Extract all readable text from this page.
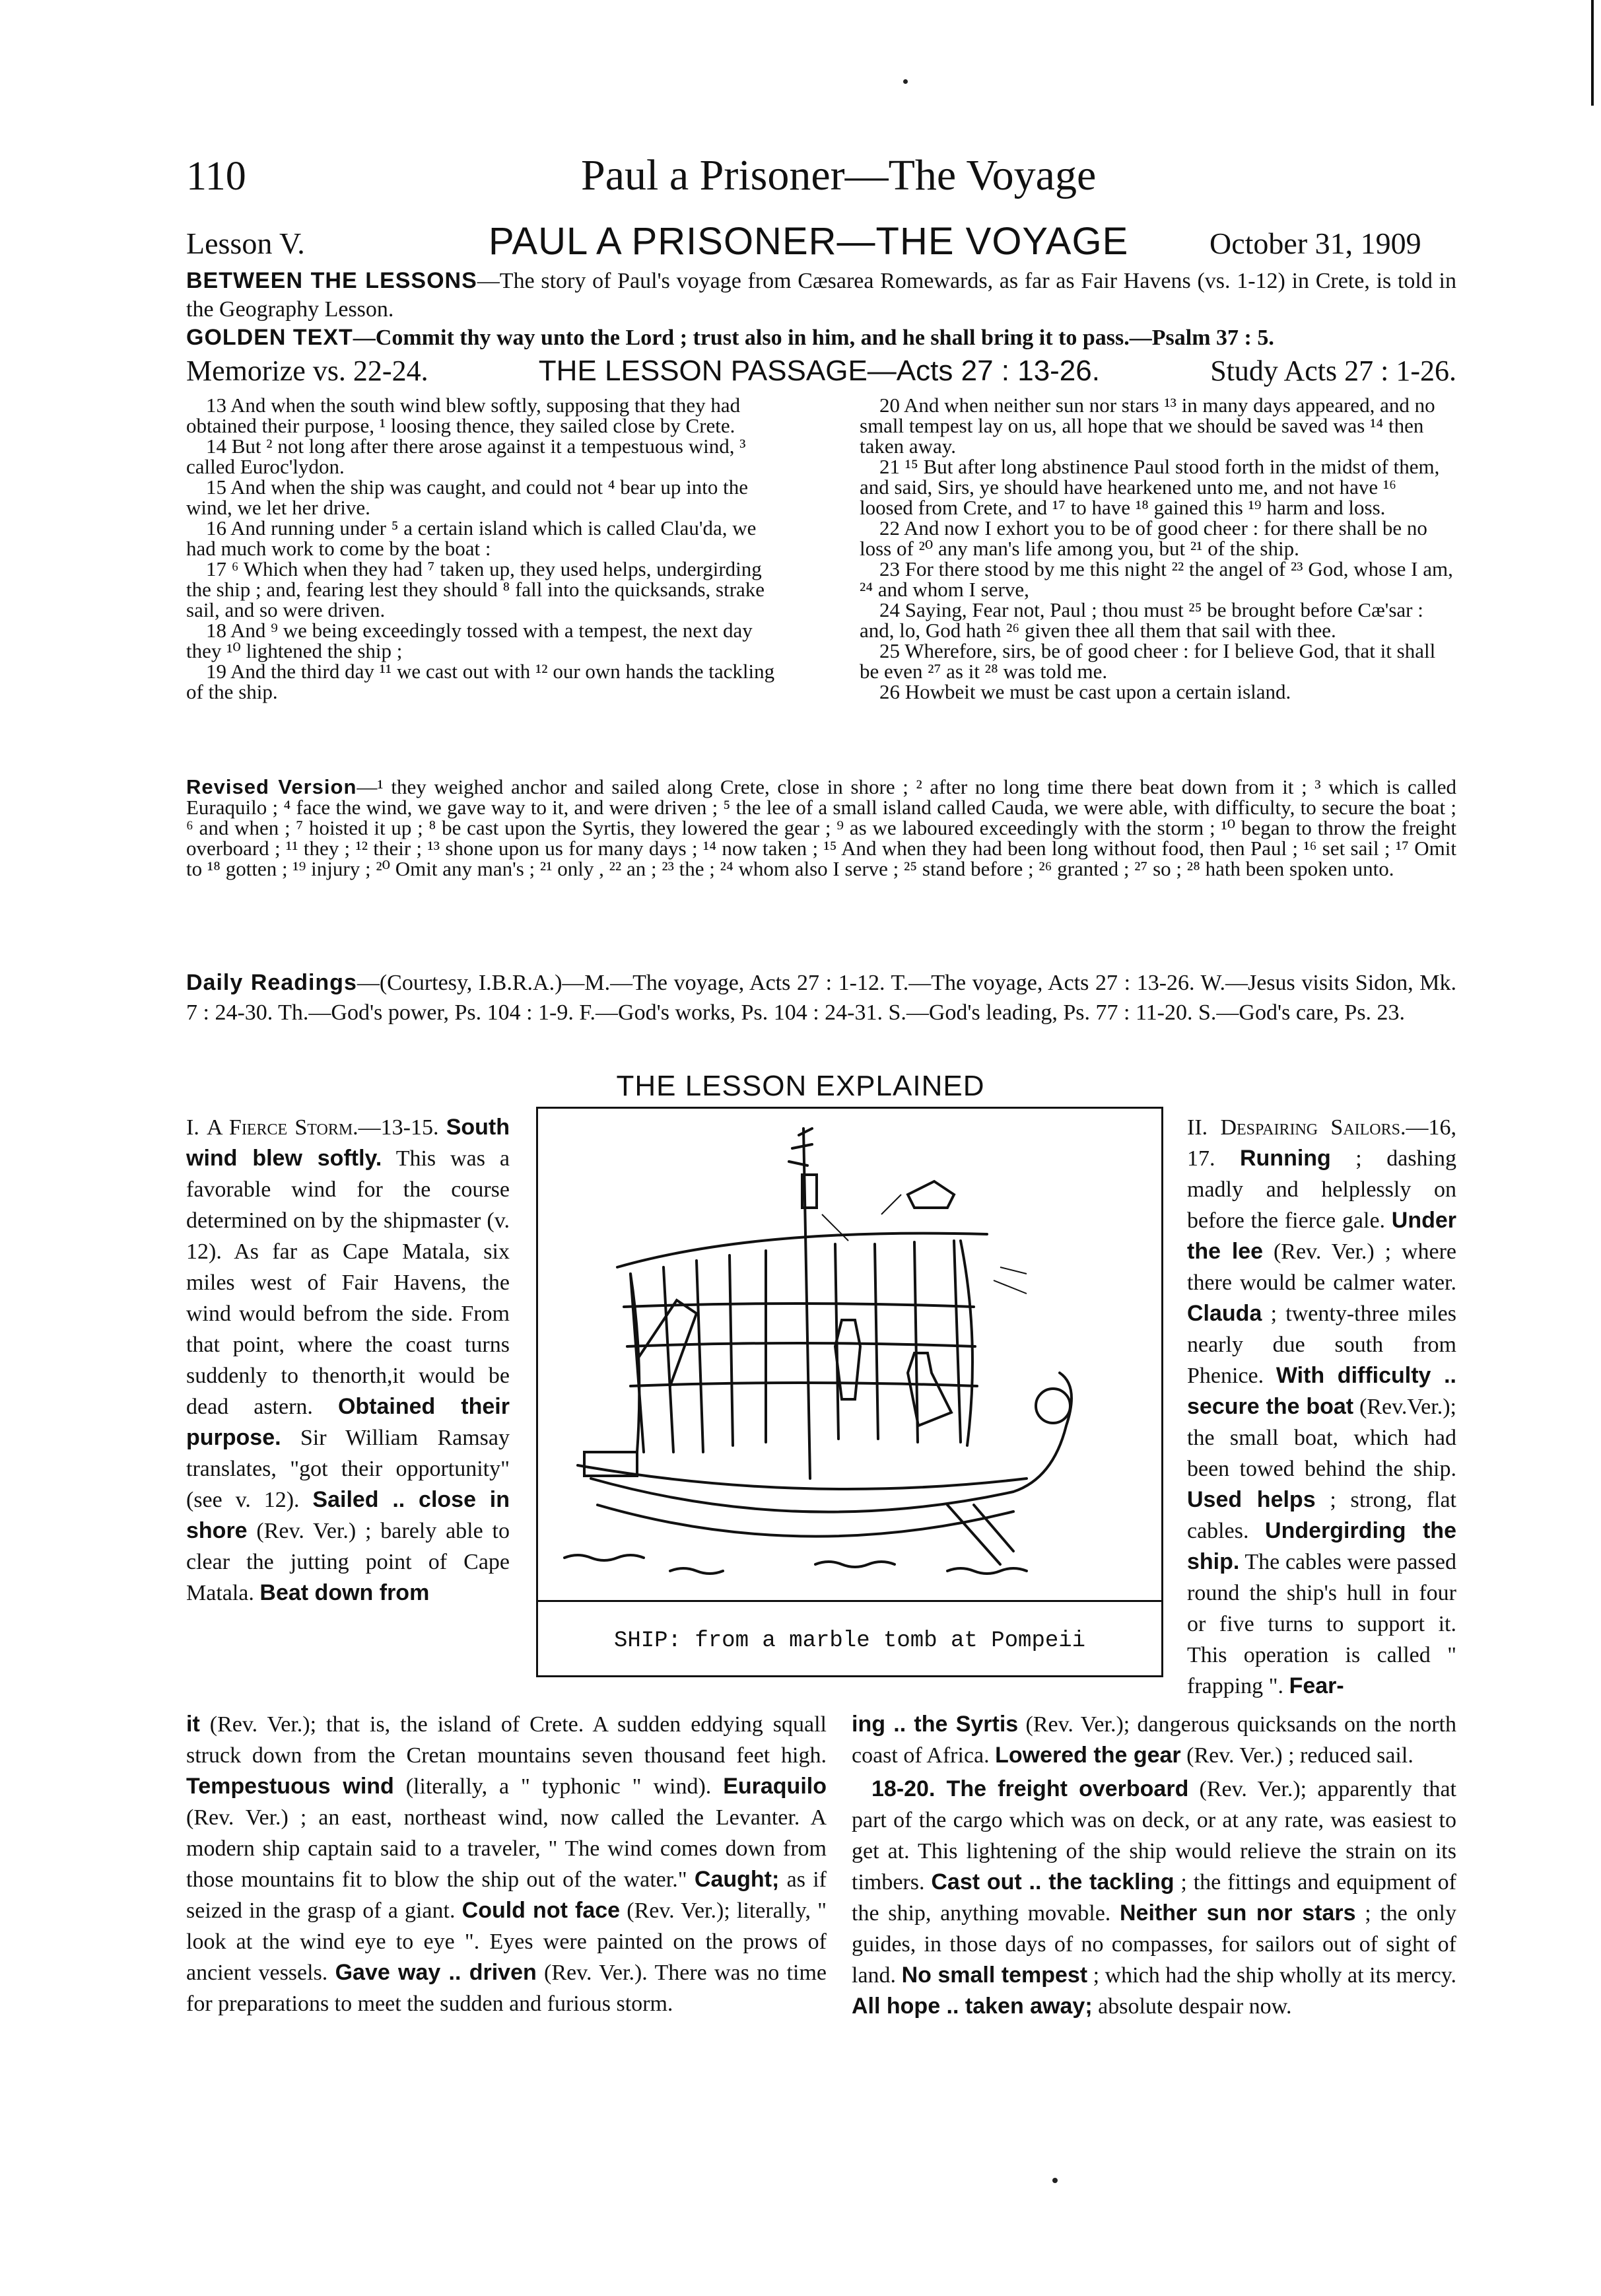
110	Paul a Prisoner—The Voyage
Lesson V.	PAUL A PRISONER—THE VOYAGE	October 31, 1909
BETWEEN THE LESSONS—The story of Paul's voyage from Cæsarea Romewards, as far as Fair Havens (vs. 1-12) in Crete, is told in the Geography Lesson.
GOLDEN TEXT—Commit thy way unto the Lord ; trust also in him, and he shall bring it to pass.—Psalm 37 : 5.
Memorize vs. 22-24.	THE LESSON PASSAGE—Acts 27 : 13-26.	Study Acts 27 : 1-26.

13 And when the south wind blew softly, supposing that they had obtained their purpose, ¹ loosing thence, they sailed close by Crete.

14 But ² not long after there arose against it a tempestuous wind, ³ called Euroc'lydon.

15 And when the ship was caught, and could not ⁴ bear up into the wind, we let her drive.

16 And running under ⁵ a certain island which is called Clau'da, we had much work to come by the boat :

17 ⁶ Which when they had ⁷ taken up, they used helps, undergirding the ship ; and, fearing lest they should ⁸ fall into the quicksands, strake sail, and so were driven.

18 And ⁹ we being exceedingly tossed with a tempest, the next day they ¹⁰ lightened the ship ;

19 And the third day ¹¹ we cast out with ¹² our own hands the tackling of the ship.

20 And when neither sun nor stars ¹³ in many days appeared, and no small tempest lay on us, all hope that we should be saved was ¹⁴ then taken away.

21 ¹⁵ But after long abstinence Paul stood forth in the midst of them, and said, Sirs, ye should have hearkened unto me, and not have ¹⁶ loosed from Crete, and ¹⁷ to have ¹⁸ gained this ¹⁹ harm and loss.

22 And now I exhort you to be of good cheer : for there shall be no loss of ²⁰ any man's life among you, but ²¹ of the ship.

23 For there stood by me this night ²² the angel of ²³ God, whose I am, ²⁴ and whom I serve,

24 Saying, Fear not, Paul ; thou must ²⁵ be brought before Cæ'sar : and, lo, God hath ²⁶ given thee all them that sail with thee.

25 Wherefore, sirs, be of good cheer : for I believe God, that it shall be even ²⁷ as it ²⁸ was told me.

26 Howbeit we must be cast upon a certain island.

Revised Version—¹ they weighed anchor and sailed along Crete, close in shore ; ² after no long time there beat down from it ; ³ which is called Euraquilo ; ⁴ face the wind, we gave way to it, and were driven ; ⁵ the lee of a small island called Cauda, we were able, with difficulty, to secure the boat ; ⁶ and when ; ⁷ hoisted it up ; ⁸ be cast upon the Syrtis, they lowered the gear ; ⁹ as we laboured exceedingly with the storm ; ¹⁰ began to throw the freight overboard ; ¹¹ they ; ¹² their ; ¹³ shone upon us for many days ; ¹⁴ now taken ; ¹⁵ And when they had been long without food, then Paul ; ¹⁶ set sail ; ¹⁷ Omit to ¹⁸ gotten ; ¹⁹ injury ; ²⁰ Omit any man's ; ²¹ only , ²² an ; ²³ the ; ²⁴ whom also I serve ; ²⁵ stand before ; ²⁶ granted ; ²⁷ so ; ²⁸ hath been spoken unto.
Daily Readings—(Courtesy, I.B.R.A.)—M.—The voyage, Acts 27 : 1-12. T.—The voyage, Acts 27 : 13-26. W.—Jesus visits Sidon, Mk. 7 : 24-30. Th.—God's power, Ps. 104 : 1-9. F.—God's works, Ps. 104 : 24-31. S.—God's leading, Ps. 77 : 11-20. S.—God's care, Ps. 23.
THE LESSON EXPLAINED
SHIP: from a marble tomb at Pompeii

I. A Fierce Storm.—13-15. South wind blew softly. This was a favorable wind for the course determined on by the shipmaster (v. 12). As far as Cape Matala, six miles west of Fair Havens, the wind would befrom the side. From that point, where the coast turns suddenly to thenorth,it would be dead astern. Obtained their purpose. Sir William Ramsay translates, "got their opportunity" (see v. 12). Sailed .. close in shore (Rev. Ver.) ; barely able to clear the jutting point of Cape Matala. Beat down from

it (Rev. Ver.); that is, the island of Crete. A sudden eddying squall struck down from the Cretan mountains seven thousand feet high. Tempestuous wind (literally, a " typhonic " wind). Euraquilo (Rev. Ver.) ; an east, northeast wind, now called the Levanter. A modern ship captain said to a traveler, " The wind comes down from those mountains fit to blow the ship out of the water." Caught; as if seized in the grasp of a giant. Could not face (Rev. Ver.); literally, " look at the wind eye to eye ". Eyes were painted on the prows of ancient vessels. Gave way .. driven (Rev. Ver.). There was no time for preparations to meet the sudden and furious storm.

II. Despairing Sailors.—16, 17. Running ; dashing madly and helplessly on before the fierce gale. Under the lee (Rev. Ver.) ; where there would be calmer water. Clauda ; twenty-three miles nearly due south from Phenice. With difficulty .. secure the boat (Rev.Ver.); the small boat, which had been towed behind the ship. Used helps ; strong, flat cables. Undergirding the ship. The cables were passed round the ship's hull in four or five turns to support it. This operation is called " frapping ". Fear-

ing .. the Syrtis (Rev. Ver.); dangerous quicksands on the north coast of Africa. Lowered the gear (Rev. Ver.) ; reduced sail.

18-20. The freight overboard (Rev. Ver.); apparently that part of the cargo which was on deck, or at any rate, was easiest to get at. This lightening of the ship would relieve the strain on its timbers. Cast out .. the tackling ; the fittings and equipment of the ship, anything movable. Neither sun nor stars ; the only guides, in those days of no compasses, for sailors out of sight of land. No small tempest ; which had the ship wholly at its mercy. All hope .. taken away; absolute despair now.
